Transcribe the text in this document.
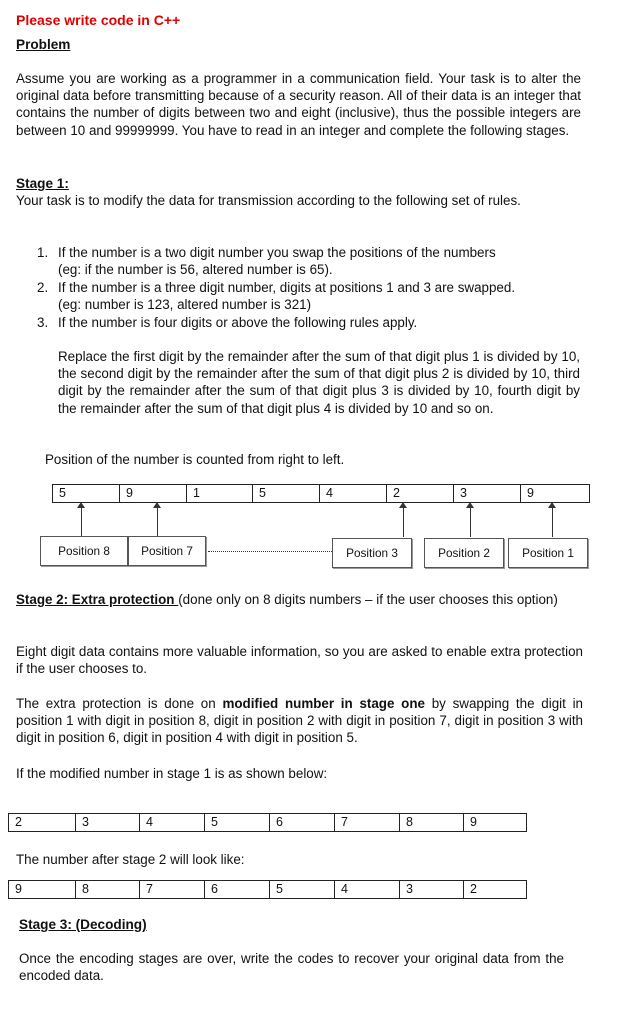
Please write code in C++
Problem

Assume you are working as a programmer in a communication field. Your task is to alter the original data before transmitting because of a security reason. All of their data is an integer that contains the number of digits between two and eight (inclusive), thus the possible integers are between 10 and 99999999. You have to read in an integer and complete the following stages.

Stage 1:

Your task is to modify the data for transmission according to the following set of rules.

1. If the number is a two digit number you swap the positions of the numbers
(eg: if the number is 56, altered number is 65).
2. If the number is a three digit number, digits at positions 1 and 3 are swapped.
(eg: number is 123, altered number is 321)
3. If the number is four digits or above the following rules apply.

Replace the first digit by the remainder after the sum of that digit plus 1 is divided by 10, the second digit by the remainder after the sum of that digit plus 2 is divided by 10, third digit by the remainder after the sum of that digit plus 3 is divided by 10, fourth digit by the remainder after the sum of that digit plus 4 is divided by 10 and so on.

Position of the number is counted from right to left.
5	9	1	5	4	2	3	9
Position 8	Position 7	Position 3	Position 2	Position 1

Stage 2: Extra protection (done only on 8 digits numbers – if the user chooses this option)

Eight digit data contains more valuable information, so you are asked to enable extra protection if the user chooses to.

The extra protection is done on modified number in stage one by swapping the digit in position 1 with digit in position 8, digit in position 2 with digit in position 7, digit in position 3 with digit in position 6, digit in position 4 with digit in position 5.

If the modified number in stage 1 is as shown below:
2	3	4	5	6	7	8	9
The number after stage 2 will look like:
9	8	7	6	5	4	3	2
Stage 3: (Decoding)

Once the encoding stages are over, write the codes to recover your original data from the encoded data.
